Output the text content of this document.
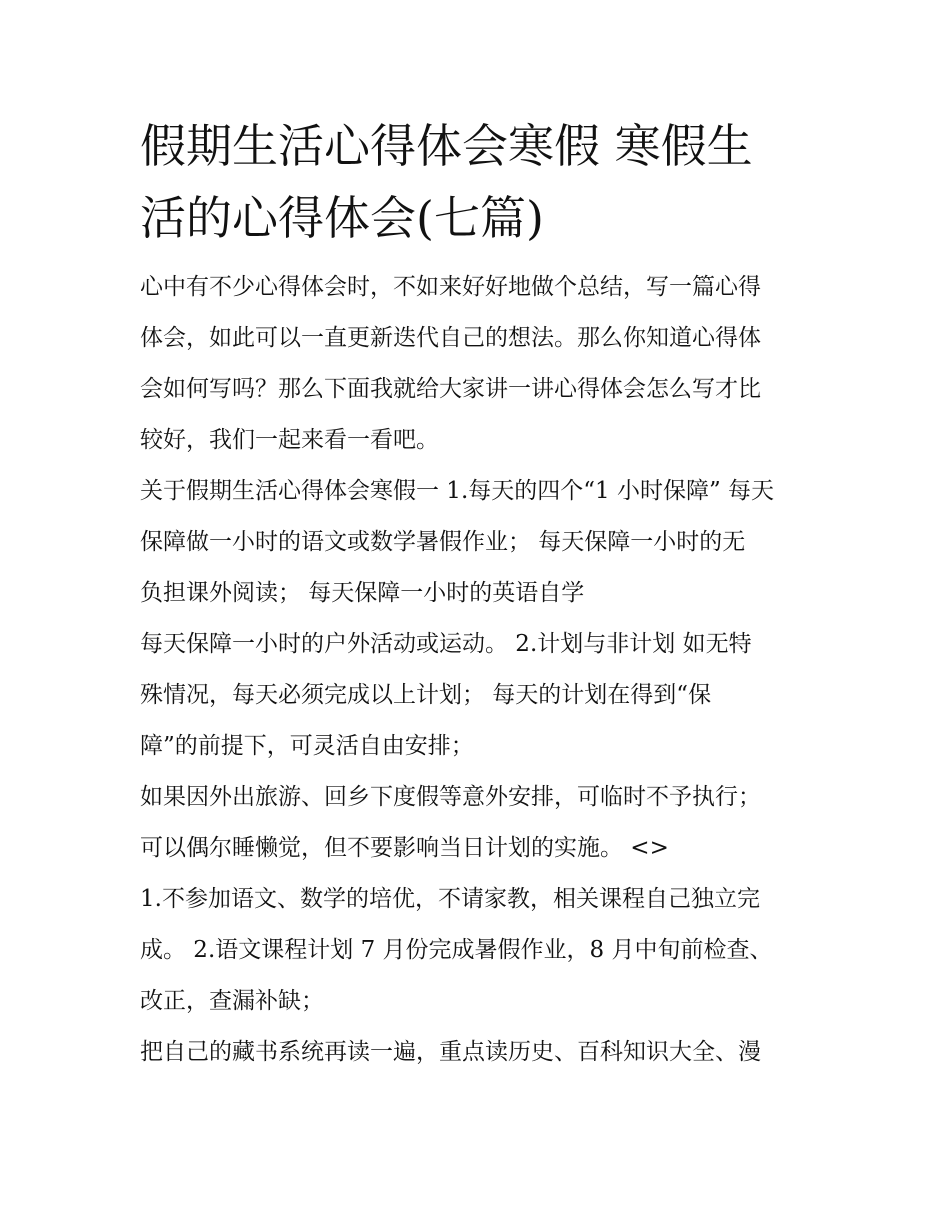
假期生活心得体会寒假 寒假生
活的心得体会(七篇)
心中有不少心得体会时，不如来好好地做个总结，写一篇心得
体会，如此可以一直更新迭代自己的想法。那么你知道心得体
会如何写吗？那么下面我就给大家讲一讲心得体会怎么写才比
较好，我们一起来看一看吧。
关于假期生活心得体会寒假一 1.每天的四个“1 小时保障” 每天
保障做一小时的语文或数学暑假作业； 每天保障一小时的无
负担课外阅读； 每天保障一小时的英语自学
每天保障一小时的户外活动或运动。 2.计划与非计划 如无特
殊情况，每天必须完成以上计划； 每天的计划在得到“保
障”的前提下，可灵活自由安排；
如果因外出旅游、回乡下度假等意外安排，可临时不予执行；
可以偶尔睡懒觉，但不要影响当日计划的实施。 <>
1.不参加语文、数学的培优，不请家教，相关课程自己独立完
成。 2.语文课程计划 7 月份完成暑假作业，8 月中旬前检查、
改正，查漏补缺；
把自己的藏书系统再读一遍，重点读历史、百科知识大全、漫
